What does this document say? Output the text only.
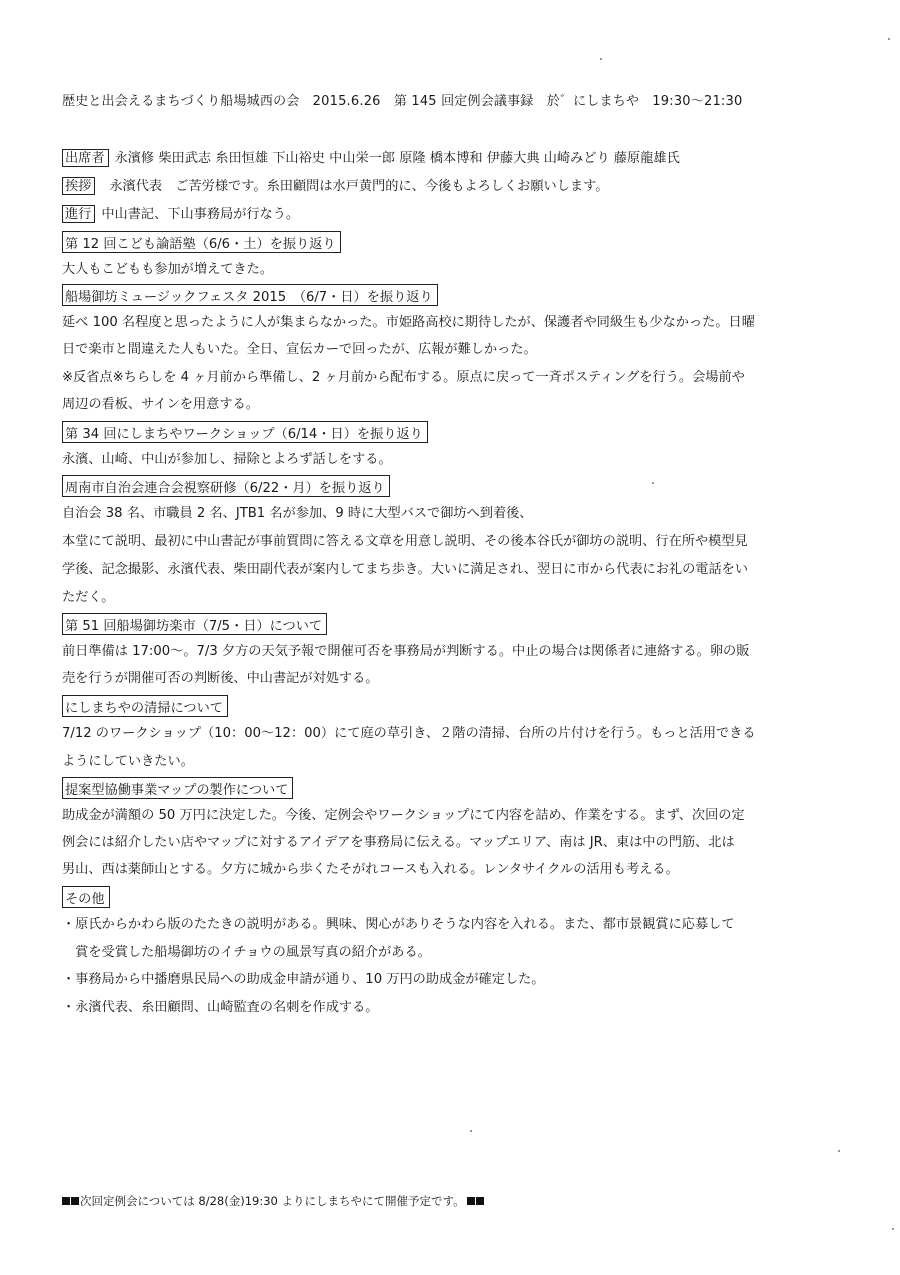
歴史と出会えるまちづくり船場城西の会　2015.6.26　第 145 回定例会議事録　於゛にしまちや　19:30〜21:30
出席者 永濱修 柴田武志 糸田恒雄 下山裕史 中山栄一郎 原隆 橋本博和 伊藤大典 山崎みどり 藤原龍雄氏
挨拶 永濱代表　ご苦労様です。糸田顧問は水戸黄門的に、今後もよろしくお願いします。
進行 中山書記、下山事務局が行なう。
第 12 回こども論語塾（6/6・土）を振り返り
大人もこどもも参加が増えてきた。
船場御坊ミュージックフェスタ 2015　（6/7・日）を振り返り
延べ 100 名程度と思ったように人が集まらなかった。市姫路高校に期待したが、保護者や同級生も少なかった。日曜
日で楽市と間違えた人もいた。全日、宣伝カーで回ったが、広報が難しかった。
※反省点※ちらしを 4 ヶ月前から準備し、2 ヶ月前から配布する。原点に戻って一斉ポスティングを行う。会場前や
周辺の看板、サインを用意する。
第 34 回にしまちやワークショップ（6/14・日）を振り返り
永濱、山崎、中山が参加し、掃除とよろず話しをする。
周南市自治会連合会視察研修（6/22・月）を振り返り
自治会 38 名、市職員 2 名、JTB1 名が参加、9 時に大型バスで御坊へ到着後、
本堂にて説明、最初に中山書記が事前質問に答える文章を用意し説明、その後本谷氏が御坊の説明、行在所や模型見
学後、記念撮影、永濱代表、柴田副代表が案内してまち歩き。大いに満足され、翌日に市から代表にお礼の電話をい
ただく。
第 51 回船場御坊楽市（7/5・日）について
前日準備は 17:00〜。7/3 夕方の天気予報で開催可否を事務局が判断する。中止の場合は関係者に連絡する。卵の販
売を行うが開催可否の判断後、中山書記が対処する。
にしまちやの清掃について
7/12 のワークショップ（10：00〜12：00）にて庭の草引き、２階の清掃、台所の片付けを行う。もっと活用できる
ようにしていきたい。
提案型協働事業マップの製作について
助成金が満額の 50 万円に決定した。今後、定例会やワークショップにて内容を詰め、作業をする。まず、次回の定
例会には紹介したい店やマップに対するアイデアを事務局に伝える。マップエリア、南は JR、東は中の門筋、北は
男山、西は薬師山とする。夕方に城から歩くたそがれコースも入れる。レンタサイクルの活用も考える。
その他
・原氏からかわら版のたたきの説明がある。興味、関心がありそうな内容を入れる。また、都市景観賞に応募して
　賞を受賞した船場御坊のイチョウの風景写真の紹介がある。
・事務局から中播磨県民局への助成金申請が通り、10 万円の助成金が確定した。
・永濱代表、糸田顧問、山崎監査の名刺を作成する。
次回定例会については 8/28(金)19:30 よりにしまちやにて開催予定です。
